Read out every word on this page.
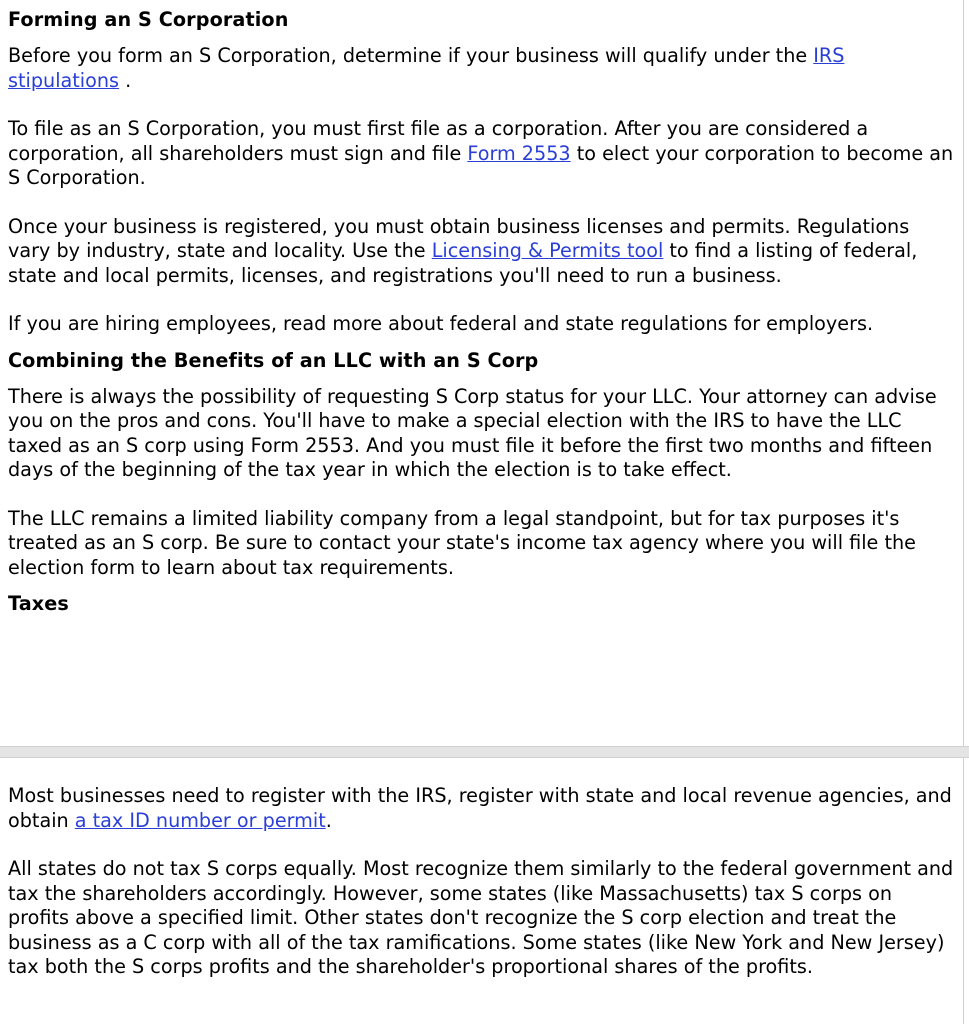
Forming an S Corporation

Before you form an S Corporation, determine if your business will qualify under the IRS stipulations .

To file as an S Corporation, you must first file as a corporation. After you are considered a corporation, all shareholders must sign and file Form 2553 to elect your corporation to become an S Corporation.

Once your business is registered, you must obtain business licenses and permits. Regulations vary by industry, state and locality. Use the Licensing & Permits tool to find a listing of federal, state and local permits, licenses, and registrations you'll need to run a business.

If you are hiring employees, read more about federal and state regulations for employers.

Combining the Benefits of an LLC with an S Corp

There is always the possibility of requesting S Corp status for your LLC. Your attorney can advise you on the pros and cons. You'll have to make a special election with the IRS to have the LLC taxed as an S corp using Form 2553. And you must file it before the first two months and fifteen days of the beginning of the tax year in which the election is to take effect.

The LLC remains a limited liability company from a legal standpoint, but for tax purposes it's treated as an S corp. Be sure to contact your state's income tax agency where you will file the election form to learn about tax requirements.

Taxes

Most businesses need to register with the IRS, register with state and local revenue agencies, and obtain a tax ID number or permit.

All states do not tax S corps equally. Most recognize them similarly to the federal government and tax the shareholders accordingly. However, some states (like Massachusetts) tax S corps on profits above a specified limit. Other states don't recognize the S corp election and treat the business as a C corp with all of the tax ramifications. Some states (like New York and New Jersey) tax both the S corps profits and the shareholder's proportional shares of the profits.
